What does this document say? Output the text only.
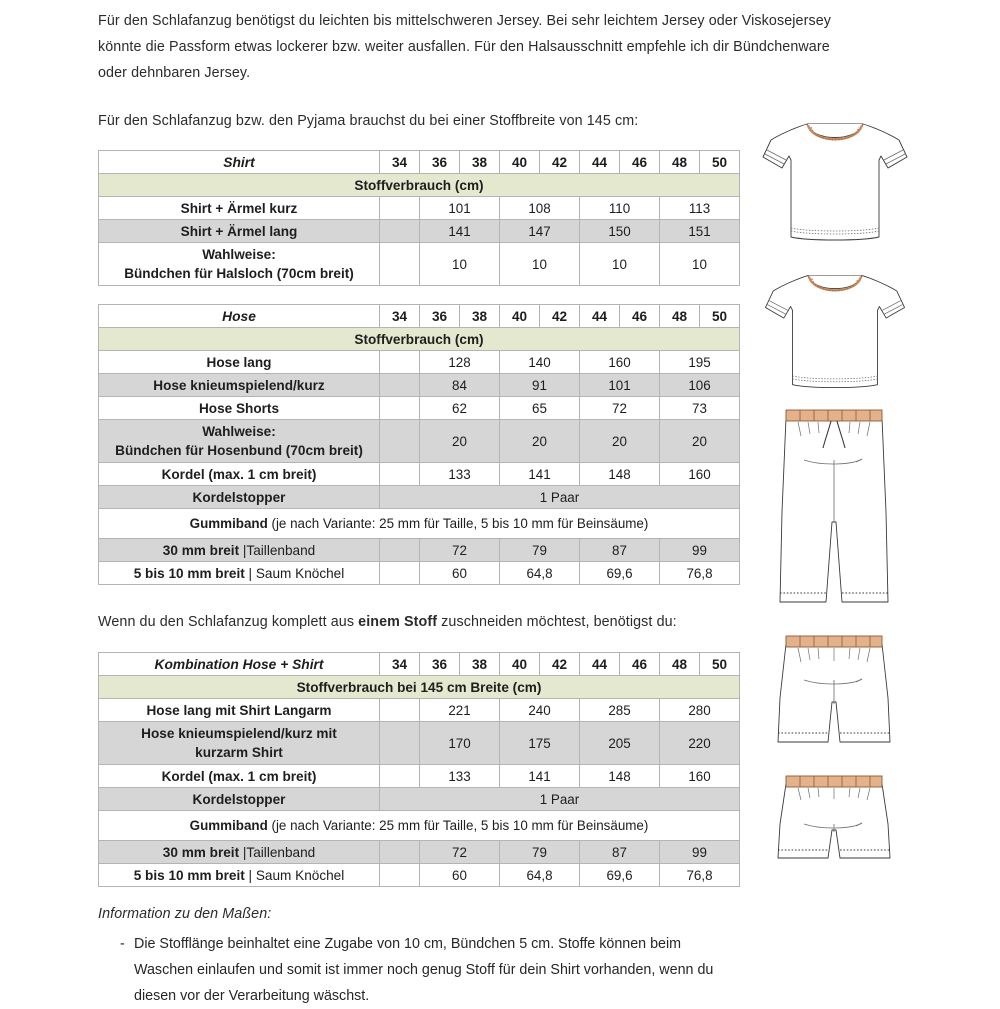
Für den Schlafanzug benötigst du leichten bis mittelschweren Jersey. Bei sehr leichtem Jersey oder Viskosejersey könnte die Passform etwas lockerer bzw. weiter ausfallen. Für den Halsausschnitt empfehle ich dir Bündchenware oder dehnbaren Jersey.

Für den Schlafanzug bzw. den Pyjama brauchst du bei einer Stoffbreite von 145 cm:

Shirt	34	36	38	40	42	44	46	48	50
Stoffverbrauch (cm)									
Shirt + Ärmel kurz		101		108		110		113	
Shirt + Ärmel lang		141		147		150		151	
Wahlweise:
Bündchen für Halsloch (70cm breit)		10		10		10		10	
Hose	34	36	38	40	42	44	46	48	50
Stoffverbrauch (cm)									
Hose lang		128		140		160		195	
Hose knieumspielend/kurz		84		91		101		106	
Hose Shorts		62		65		72		73	
Wahlweise:
Bündchen für Hosenbund (70cm breit)		20		20		20		20	
Kordel (max. 1 cm breit)		133		141		148		160	
Kordelstopper	1 Paar								
Gummiband (je nach Variante: 25 mm für Taille, 5 bis 10 mm für Beinsäume)									
30 mm breit |Taillenband		72		79		87		99	
5 bis 10 mm breit | Saum Knöchel		60		64,8		69,6		76,8	

Wenn du den Schlafanzug komplett aus einem Stoff zuschneiden möchtest, benötigst du:

Kombination Hose + Shirt	34	36	38	40	42	44	46	48	50
Stoffverbrauch bei 145 cm Breite (cm)									
Hose lang mit Shirt Langarm		221		240		285		280	
Hose knieumspielend/kurz mit
kurzarm Shirt		170		175		205		220	
Kordel (max. 1 cm breit)		133		141		148		160	
Kordelstopper	1 Paar								
Gummiband (je nach Variante: 25 mm für Taille, 5 bis 10 mm für Beinsäume)									
30 mm breit |Taillenband		72		79		87		99	
5 bis 10 mm breit | Saum Knöchel		60		64,8		69,6		76,8	

Information zu den Maßen:

- Die Stofflänge beinhaltet eine Zugabe von 10 cm, Bündchen 5 cm. Stoffe können beim Waschen einlaufen und somit ist immer noch genug Stoff für dein Shirt vorhanden, wenn du diesen vor der Verarbeitung wäschst.
